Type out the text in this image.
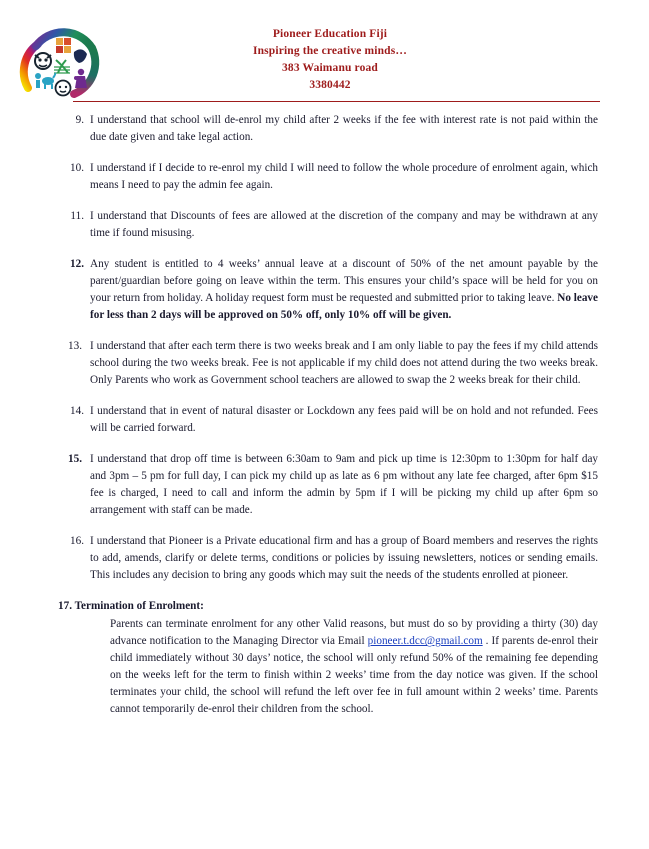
Pioneer Education Fiji
Inspiring the creative minds…
383 Waimanu road
3380442
9. I understand that school will de-enrol my child after 2 weeks if the fee with interest rate is not paid within the due date given and take legal action.
10. I understand if I decide to re-enrol my child I will need to follow the whole procedure of enrolment again, which means I need to pay the admin fee again.
11. I understand that Discounts of fees are allowed at the discretion of the company and may be withdrawn at any time if found misusing.
12. Any student is entitled to 4 weeks’ annual leave at a discount of 50% of the net amount payable by the parent/guardian before going on leave within the term. This ensures your child’s space will be held for you on your return from holiday. A holiday request form must be requested and submitted prior to taking leave. No leave for less than 2 days will be approved on 50% off, only 10% off will be given.
13. I understand that after each term there is two weeks break and I am only liable to pay the fees if my child attends school during the two weeks break. Fee is not applicable if my child does not attend during the two weeks break. Only Parents who work as Government school teachers are allowed to swap the 2 weeks break for their child.
14. I understand that in event of natural disaster or Lockdown any fees paid will be on hold and not refunded. Fees will be carried forward.
15. I understand that drop off time is between 6:30am to 9am and pick up time is 12:30pm to 1:30pm for half day and 3pm – 5 pm for full day, I can pick my child up as late as 6 pm without any late fee charged, after 6pm $15 fee is charged, I need to call and inform the admin by 5pm if I will be picking my child up after 6pm so arrangement with staff can be made.
16. I understand that Pioneer is a Private educational firm and has a group of Board members and reserves the rights to add, amends, clarify or delete terms, conditions or policies by issuing newsletters, notices or sending emails. This includes any decision to bring any goods which may suit the needs of the students enrolled at pioneer.
17. Termination of Enrolment:
Parents can terminate enrolment for any other Valid reasons, but must do so by providing a thirty (30) day advance notification to the Managing Director via Email pioneer.t.dcc@gmail.com . If parents de-enrol their child immediately without 30 days’ notice, the school will only refund 50% of the remaining fee depending on the weeks left for the term to finish within 2 weeks’ time from the day notice was given. If the school terminates your child, the school will refund the left over fee in full amount within 2 weeks’ time. Parents cannot temporarily de-enrol their children from the school.
